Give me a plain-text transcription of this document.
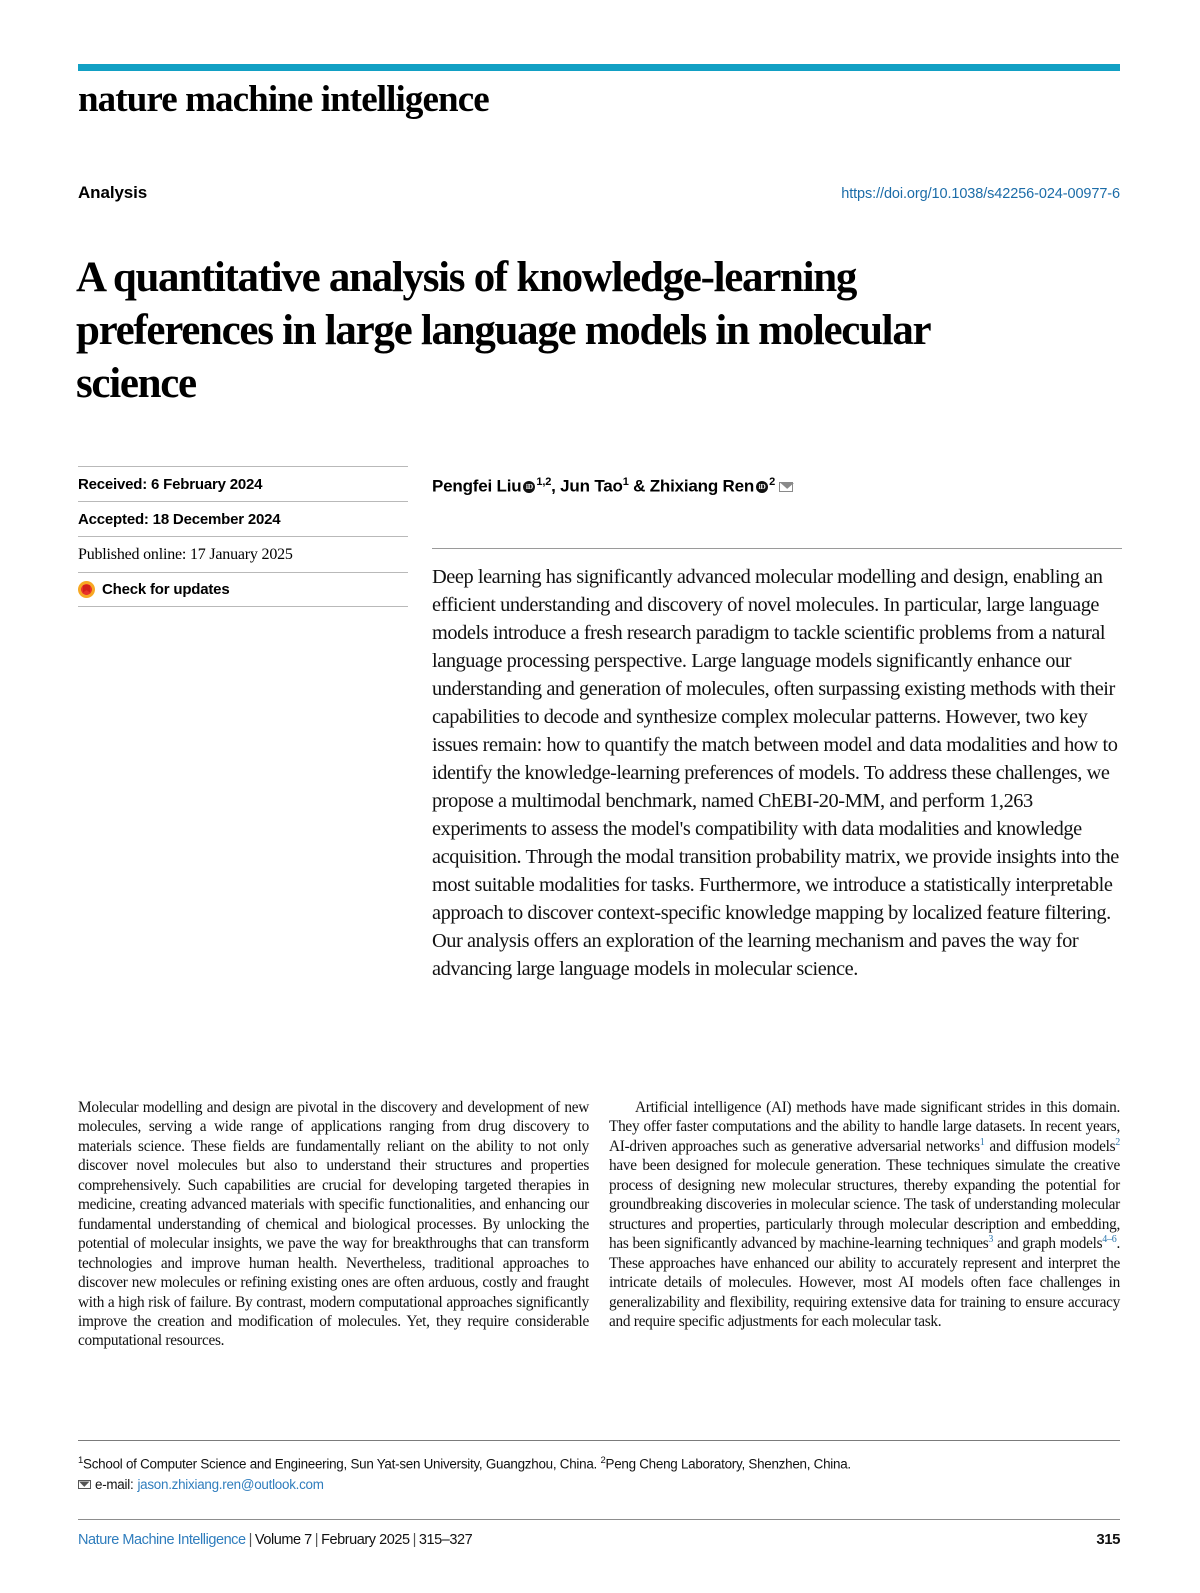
nature machine intelligence
Analysis	https://doi.org/10.1038/s42256-024-00977-6
A quantitative analysis of knowledge-learning preferences in large language models in molecular science
Received: 6 February 2024
Accepted: 18 December 2024
Published online: 17 January 2025
Check for updates
Pengfei Liu iD $^{1,2}$, Jun Tao$^1$ & Zhixiang Ren iD $^2$
Deep learning has significantly advanced molecular modelling and design, enabling an efficient understanding and discovery of novel molecules. In particular, large language models introduce a fresh research paradigm to tackle scientific problems from a natural language processing perspective. Large language models significantly enhance our understanding and generation of molecules, often surpassing existing methods with their capabilities to decode and synthesize complex molecular patterns. However, two key issues remain: how to quantify the match between model and data modalities and how to identify the knowledge-learning preferences of models. To address these challenges, we propose a multimodal benchmark, named ChEBI-20-MM, and perform 1,263 experiments to assess the model's compatibility with data modalities and knowledge acquisition. Through the modal transition probability matrix, we provide insights into the most suitable modalities for tasks. Furthermore, we introduce a statistically interpretable approach to discover context-specific knowledge mapping by localized feature filtering. Our analysis offers an exploration of the learning mechanism and paves the way for advancing large language models in molecular science.
Molecular modelling and design are pivotal in the discovery and development of new molecules, serving a wide range of applications ranging from drug discovery to materials science. These fields are fundamentally reliant on the ability to not only discover novel molecules but also to understand their structures and properties comprehensively. Such capabilities are crucial for developing targeted therapies in medicine, creating advanced materials with specific functionalities, and enhancing our fundamental understanding of chemical and biological processes. By unlocking the potential of molecular insights, we pave the way for breakthroughs that can transform technologies and improve human health. Nevertheless, traditional approaches to discover new molecules or refining existing ones are often arduous, costly and fraught with a high risk of failure. By contrast, modern computational approaches significantly improve the creation and modification of molecules. Yet, they require considerable computational resources.
Artificial intelligence (AI) methods have made significant strides in this domain. They offer faster computations and the ability to handle large datasets. In recent years, AI-driven approaches such as generative adversarial networks$^1$ and diffusion models$^2$ have been designed for molecule generation. These techniques simulate the creative process of designing new molecular structures, thereby expanding the potential for groundbreaking discoveries in molecular science. The task of understanding molecular structures and properties, particularly through molecular description and embedding, has been significantly advanced by machine-learning techniques$^3$ and graph models$^{4-6}$. These approaches have enhanced our ability to accurately represent and interpret the intricate details of molecules. However, most AI models often face challenges in generalizability and flexibility, requiring extensive data for training to ensure accuracy and require specific adjustments for each molecular task.
$^1$School of Computer Science and Engineering, Sun Yat-sen University, Guangzhou, China. $^2$Peng Cheng Laboratory, Shenzhen, China.
e-mail: jason.zhixiang.ren@outlook.com
Nature Machine Intelligence | Volume 7 | February 2025 | 315–327	315
